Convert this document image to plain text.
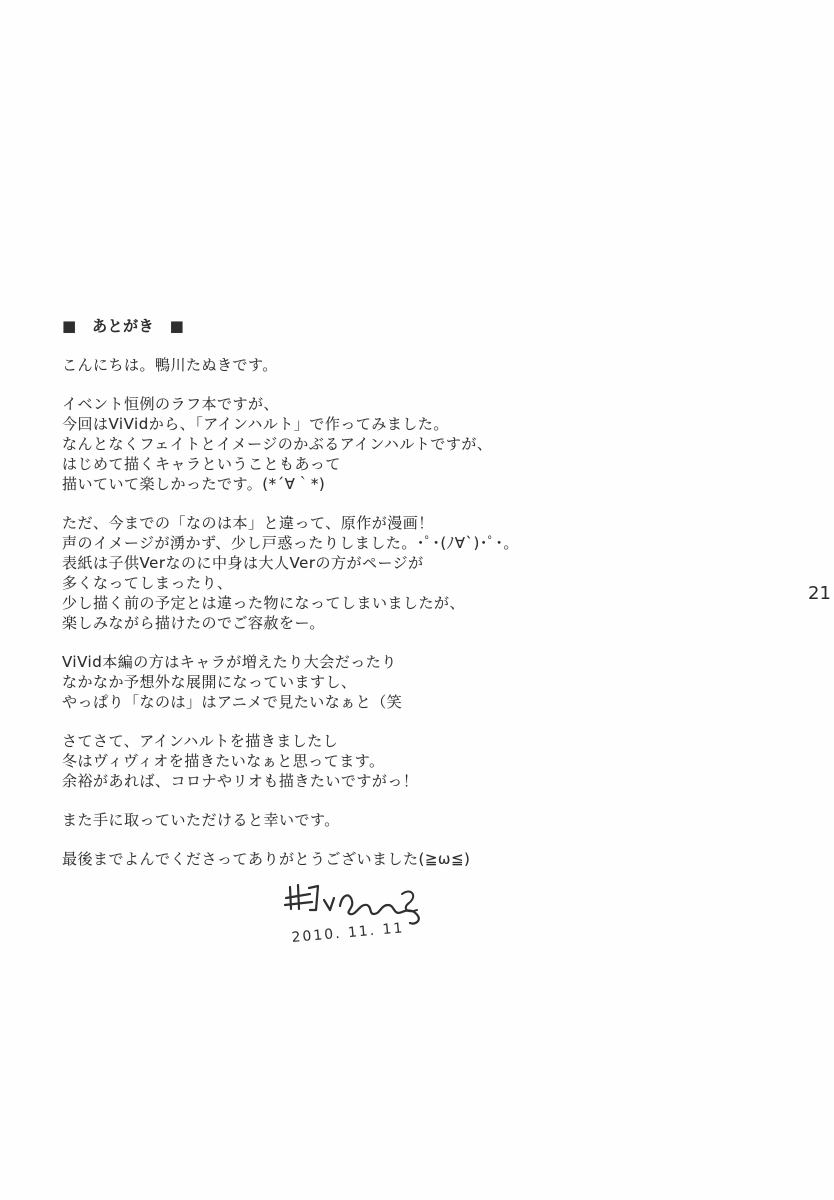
■　あとがき　■
こんにちは。鴨川たぬきです。
イベント恒例のラフ本ですが、
今回はViVidから、「アインハルト」で作ってみました。
なんとなくフェイトとイメージのかぶるアインハルトですが、
はじめて描くキャラということもあって
描いていて楽しかったです。(*´∀｀*)
ただ、今までの「なのは本」と違って、原作が漫画！
声のイメージが湧かず、少し戸惑ったりしました。･ﾟ･(ﾉ∀`)･ﾟ･。
表紙は子供Verなのに中身は大人Verの方がページが
多くなってしまったり、
少し描く前の予定とは違った物になってしまいましたが、
楽しみながら描けたのでご容赦をー。
ViVid本編の方はキャラが増えたり大会だったり
なかなか予想外な展開になっていますし、
やっぱり「なのは」はアニメで見たいなぁと（笑
さてさて、アインハルトを描きましたし
冬はヴィヴィオを描きたいなぁと思ってます。
余裕があれば、コロナやリオも描きたいですがっ！
また手に取っていただけると幸いです。
最後までよんでくださってありがとうございました(≧ω≦)
21
2010. 11. 11
